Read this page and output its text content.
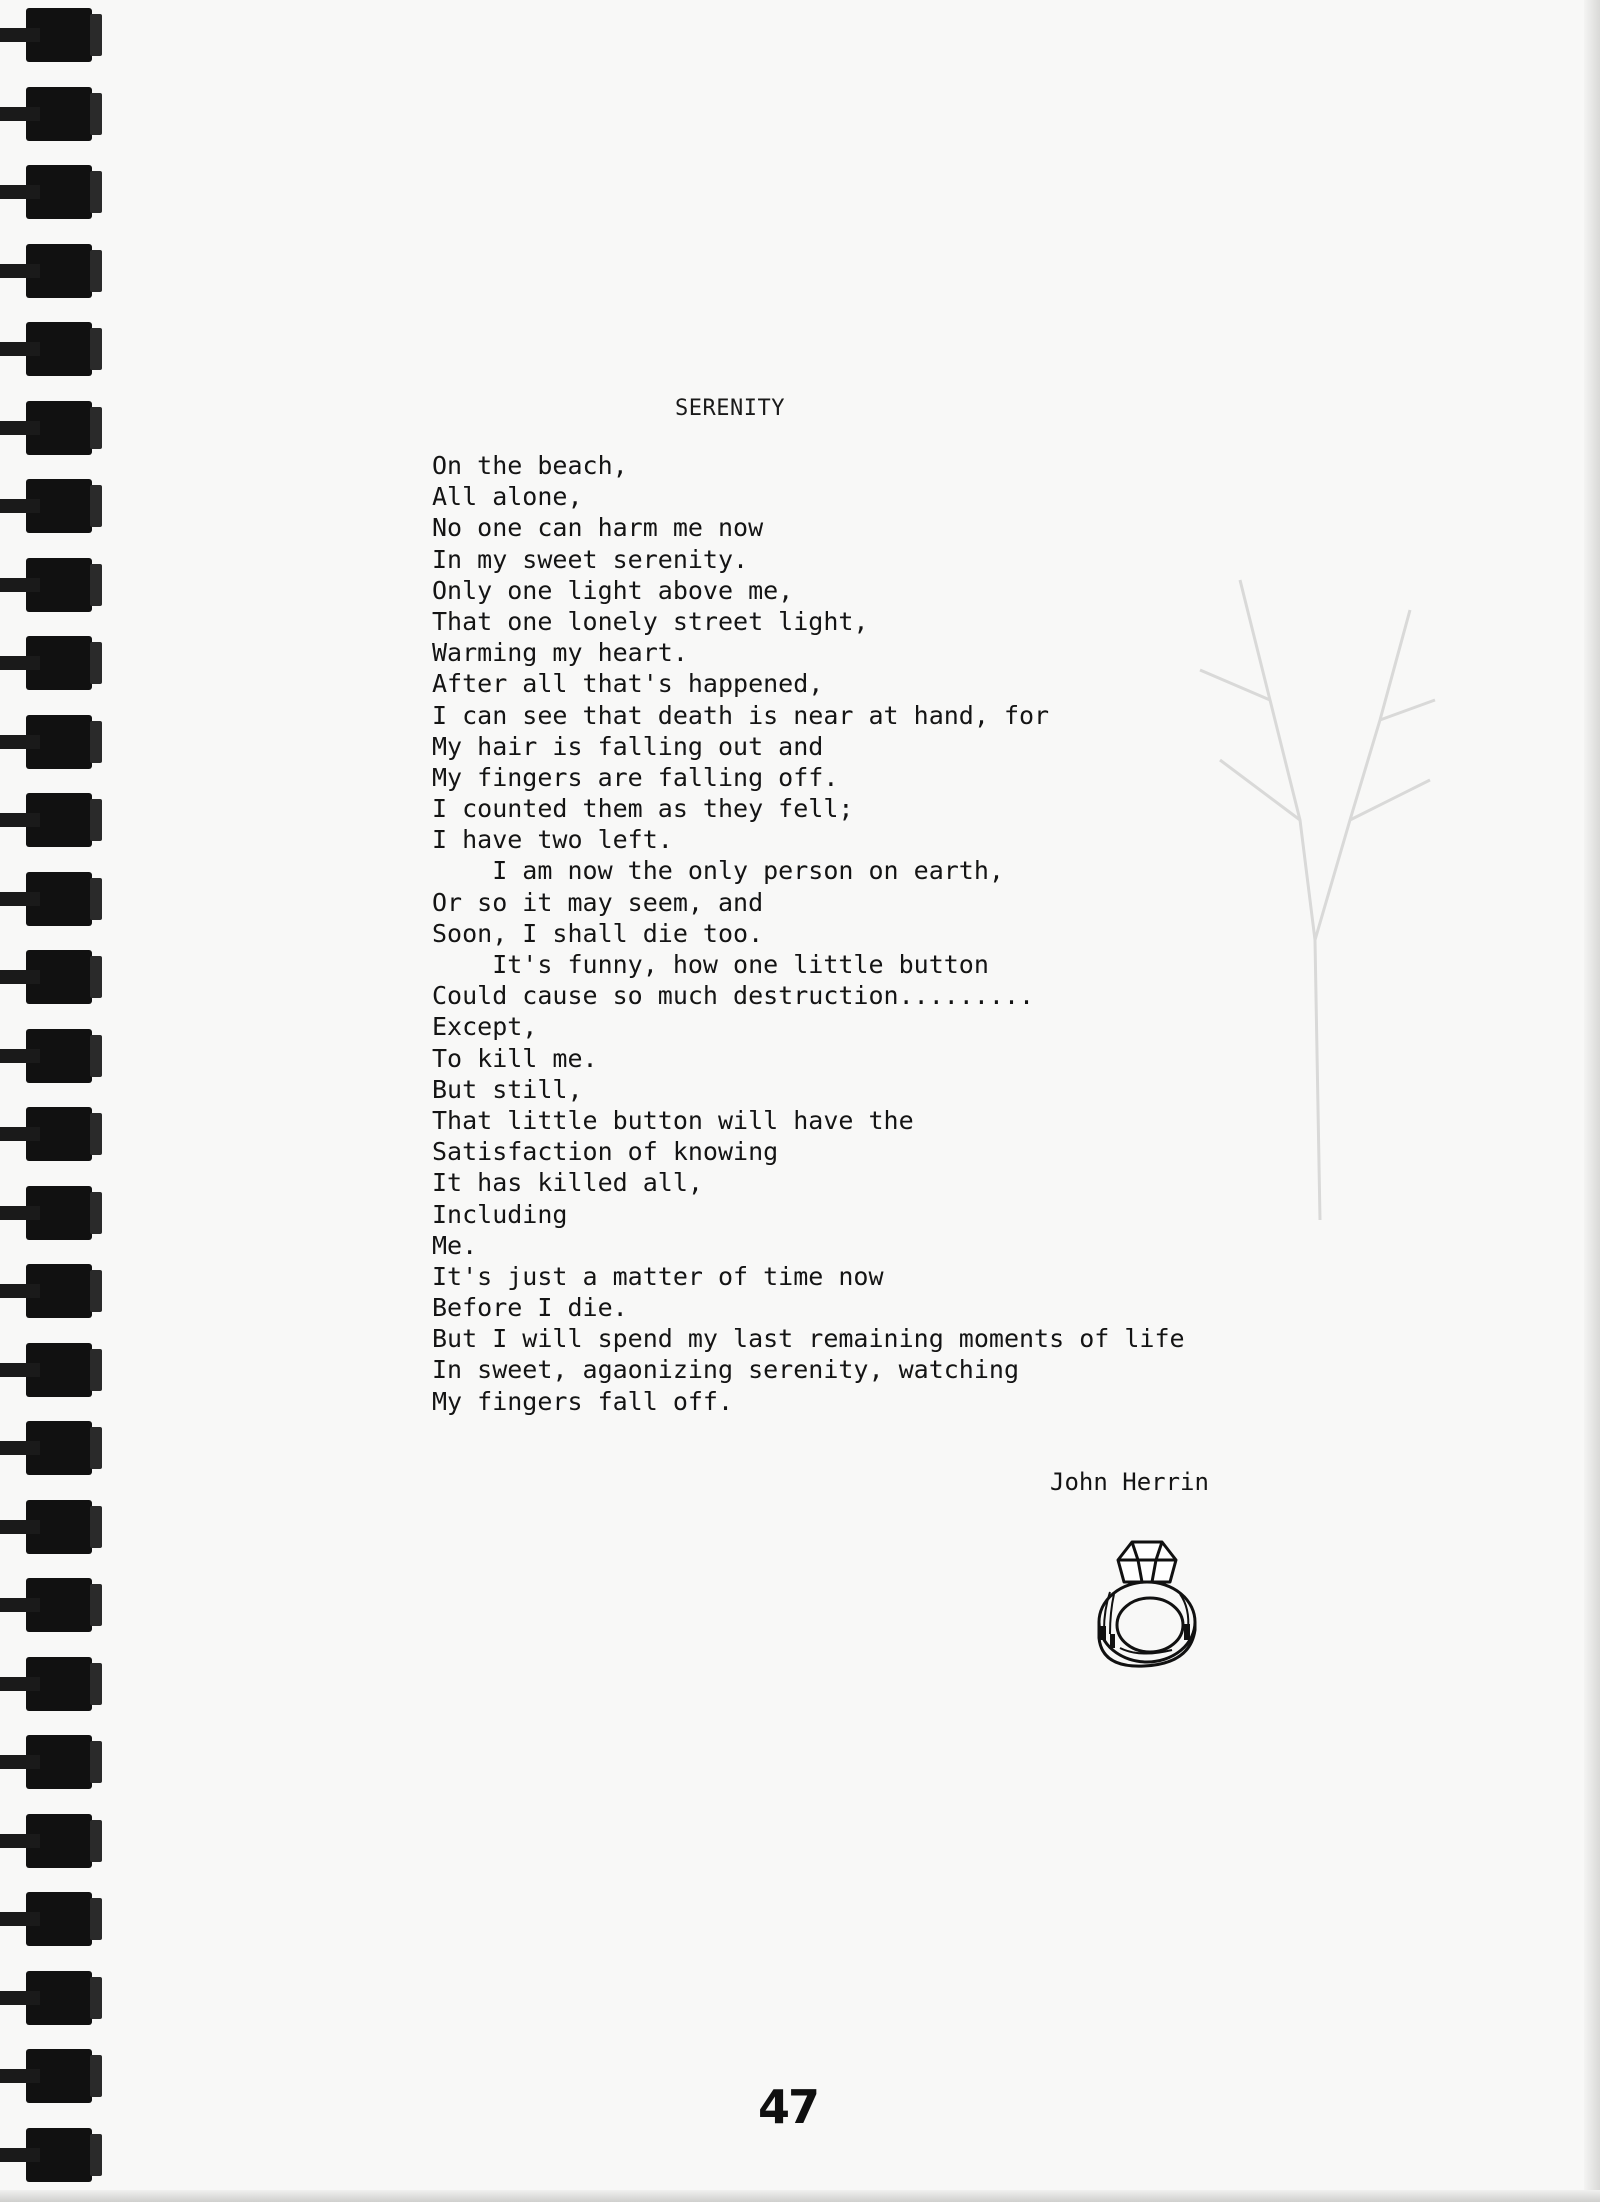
SERENITY
On the beach,
All alone,
No one can harm me now
In my sweet serenity.
Only one light above me,
That one lonely street light,
Warming my heart.
After all that's happened,
I can see that death is near at hand, for
My hair is falling out and
My fingers are falling off.
I counted them as they fell;
I have two left.
I am now the only person on earth,
Or so it may seem, and
Soon, I shall die too.
It's funny, how one little button
Could cause so much destruction.........
Except,
To kill me.
But still,
That little button will have the
Satisfaction of knowing
It has killed all,
Including
Me.
It's just a matter of time now
Before I die.
But I will spend my last remaining moments of life
In sweet, agaonizing serenity, watching
My fingers fall off.
John Herrin
47
